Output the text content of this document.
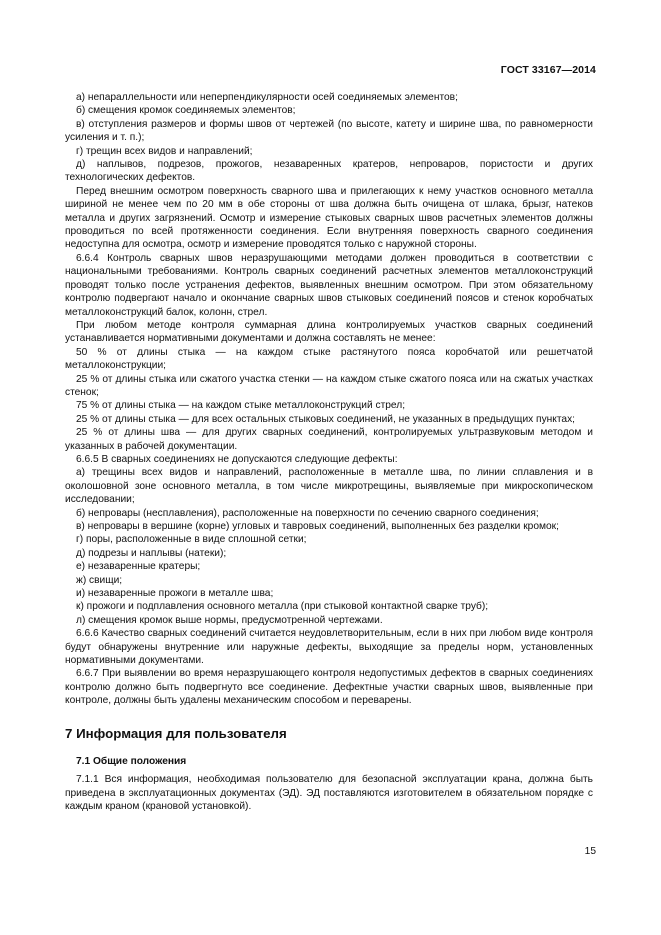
ГОСТ 33167—2014

а) непараллельности или неперпендикулярности осей соединяемых элементов;

б) смещения кромок соединяемых элементов;

в) отступления размеров и формы швов от чертежей (по высоте, катету и ширине шва, по равномерности усиления и т. п.);

г) трещин всех видов и направлений;

д) наплывов, подрезов, прожогов, незаваренных кратеров, непроваров, пористости и других технологических дефектов.

Перед внешним осмотром поверхность сварного шва и прилегающих к нему участков основного металла шириной не менее чем по 20 мм в обе стороны от шва должна быть очищена от шлака, брызг, натеков металла и других загрязнений. Осмотр и измерение стыковых сварных швов расчетных элементов должны проводиться по всей протяженности соединения. Если внутренняя поверхность сварного соединения недоступна для осмотра, осмотр и измерение проводятся только с наружной стороны.

6.6.4 Контроль сварных швов неразрушающими методами должен проводиться в соответствии с национальными требованиями. Контроль сварных соединений расчетных элементов металлоконструкций проводят только после устранения дефектов, выявленных внешним осмотром. При этом обязательному контролю подвергают начало и окончание сварных швов стыковых соединений поясов и стенок коробчатых металлоконструкций балок, колонн, стрел.

При любом методе контроля суммарная длина контролируемых участков сварных соединений устанавливается нормативными документами и должна составлять не менее:

50 % от длины стыка — на каждом стыке растянутого пояса коробчатой или решетчатой металлоконструкции;

25 % от длины стыка или сжатого участка стенки — на каждом стыке сжатого пояса или на сжатых участках стенок;

75 % от длины стыка — на каждом стыке металлоконструкций стрел;

25 % от длины стыка — для всех остальных стыковых соединений, не указанных в предыдущих пунктах;

25 % от длины шва — для других сварных соединений, контролируемых ультразвуковым методом и указанных в рабочей документации.

6.6.5 В сварных соединениях не допускаются следующие дефекты:

а) трещины всех видов и направлений, расположенные в металле шва, по линии сплавления и в околошовной зоне основного металла, в том числе микротрещины, выявляемые при микроскопическом исследовании;

б) непровары (несплавления), расположенные на поверхности по сечению сварного соединения;

в) непровары в вершине (корне) угловых и тавровых соединений, выполненных без разделки кромок;

г) поры, расположенные в виде сплошной сетки;

д) подрезы и наплывы (натеки);

е) незаваренные кратеры;

ж) свищи;

и) незаваренные прожоги в металле шва;

к) прожоги и подплавления основного металла (при стыковой контактной сварке труб);

л) смещения кромок выше нормы, предусмотренной чертежами.

6.6.6 Качество сварных соединений считается неудовлетворительным, если в них при любом виде контроля будут обнаружены внутренние или наружные дефекты, выходящие за пределы норм, установленных нормативными документами.

6.6.7 При выявлении во время неразрушающего контроля недопустимых дефектов в сварных соединениях контролю должно быть подвергнуто все соединение. Дефектные участки сварных швов, выявленные при контроле, должны быть удалены механическим способом и переварены.

7 Информация для пользователя
7.1 Общие положения

7.1.1 Вся информация, необходимая пользователю для безопасной эксплуатации крана, должна быть приведена в эксплуатационных документах (ЭД). ЭД поставляются изготовителем в обязательном порядке с каждым краном (крановой установкой).

15
